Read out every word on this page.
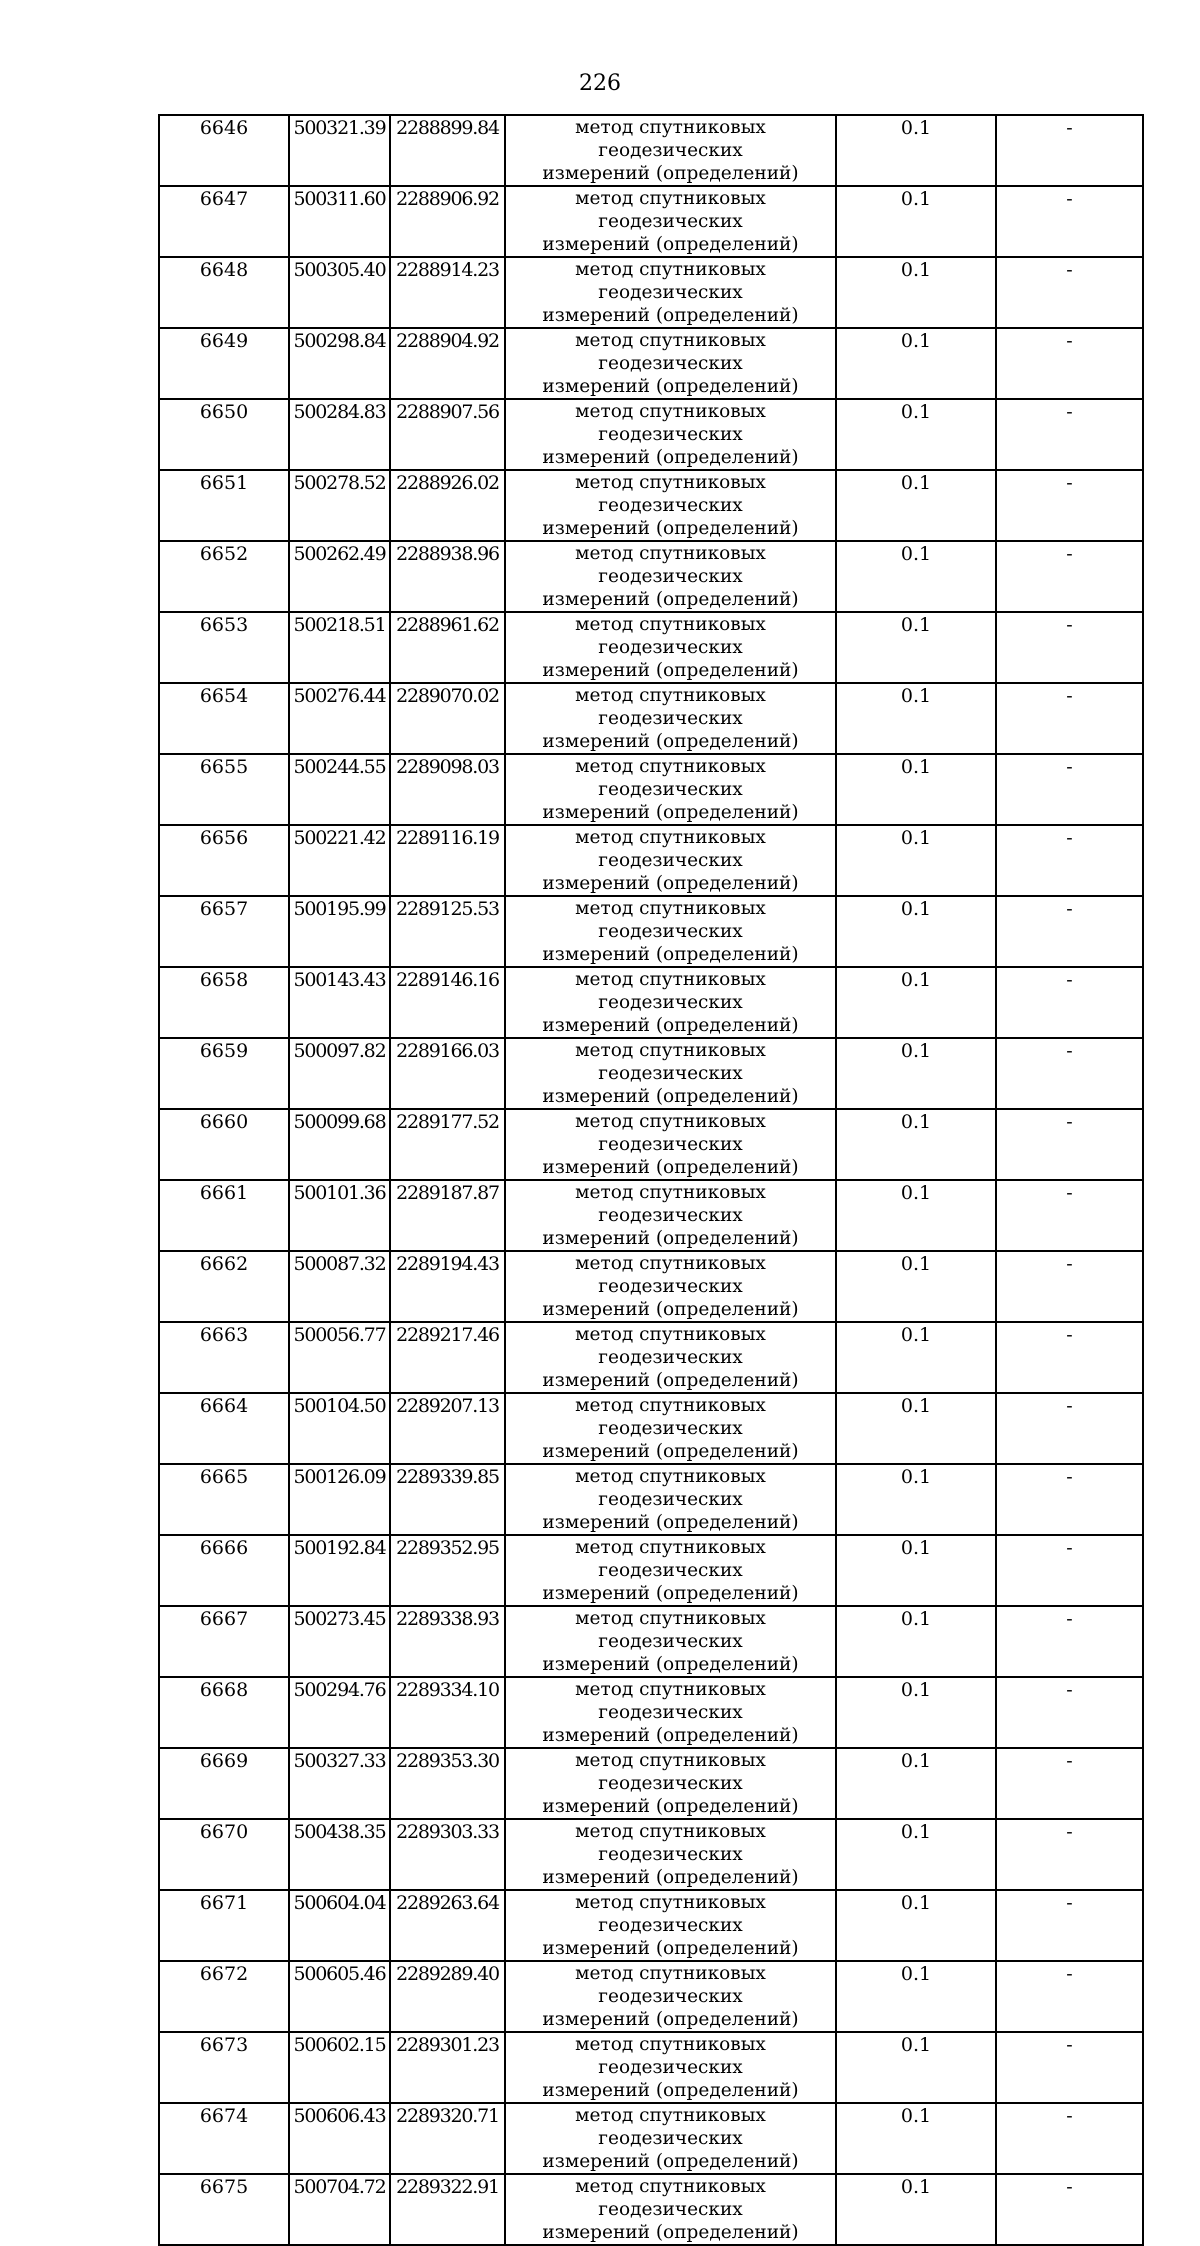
226
6646	500321.39	2288899.84	метод спутниковых геодезических
измерений (определений)	0.1	-
6647	500311.60	2288906.92	метод спутниковых геодезических
измерений (определений)	0.1	-
6648	500305.40	2288914.23	метод спутниковых геодезических
измерений (определений)	0.1	-
6649	500298.84	2288904.92	метод спутниковых геодезических
измерений (определений)	0.1	-
6650	500284.83	2288907.56	метод спутниковых геодезических
измерений (определений)	0.1	-
6651	500278.52	2288926.02	метод спутниковых геодезических
измерений (определений)	0.1	-
6652	500262.49	2288938.96	метод спутниковых геодезических
измерений (определений)	0.1	-
6653	500218.51	2288961.62	метод спутниковых геодезических
измерений (определений)	0.1	-
6654	500276.44	2289070.02	метод спутниковых геодезических
измерений (определений)	0.1	-
6655	500244.55	2289098.03	метод спутниковых геодезических
измерений (определений)	0.1	-
6656	500221.42	2289116.19	метод спутниковых геодезических
измерений (определений)	0.1	-
6657	500195.99	2289125.53	метод спутниковых геодезических
измерений (определений)	0.1	-
6658	500143.43	2289146.16	метод спутниковых геодезических
измерений (определений)	0.1	-
6659	500097.82	2289166.03	метод спутниковых геодезических
измерений (определений)	0.1	-
6660	500099.68	2289177.52	метод спутниковых геодезических
измерений (определений)	0.1	-
6661	500101.36	2289187.87	метод спутниковых геодезических
измерений (определений)	0.1	-
6662	500087.32	2289194.43	метод спутниковых геодезических
измерений (определений)	0.1	-
6663	500056.77	2289217.46	метод спутниковых геодезических
измерений (определений)	0.1	-
6664	500104.50	2289207.13	метод спутниковых геодезических
измерений (определений)	0.1	-
6665	500126.09	2289339.85	метод спутниковых геодезических
измерений (определений)	0.1	-
6666	500192.84	2289352.95	метод спутниковых геодезических
измерений (определений)	0.1	-
6667	500273.45	2289338.93	метод спутниковых геодезических
измерений (определений)	0.1	-
6668	500294.76	2289334.10	метод спутниковых геодезических
измерений (определений)	0.1	-
6669	500327.33	2289353.30	метод спутниковых геодезических
измерений (определений)	0.1	-
6670	500438.35	2289303.33	метод спутниковых геодезических
измерений (определений)	0.1	-
6671	500604.04	2289263.64	метод спутниковых геодезических
измерений (определений)	0.1	-
6672	500605.46	2289289.40	метод спутниковых геодезических
измерений (определений)	0.1	-
6673	500602.15	2289301.23	метод спутниковых геодезических
измерений (определений)	0.1	-
6674	500606.43	2289320.71	метод спутниковых геодезических
измерений (определений)	0.1	-
6675	500704.72	2289322.91	метод спутниковых геодезических
измерений (определений)	0.1	-
